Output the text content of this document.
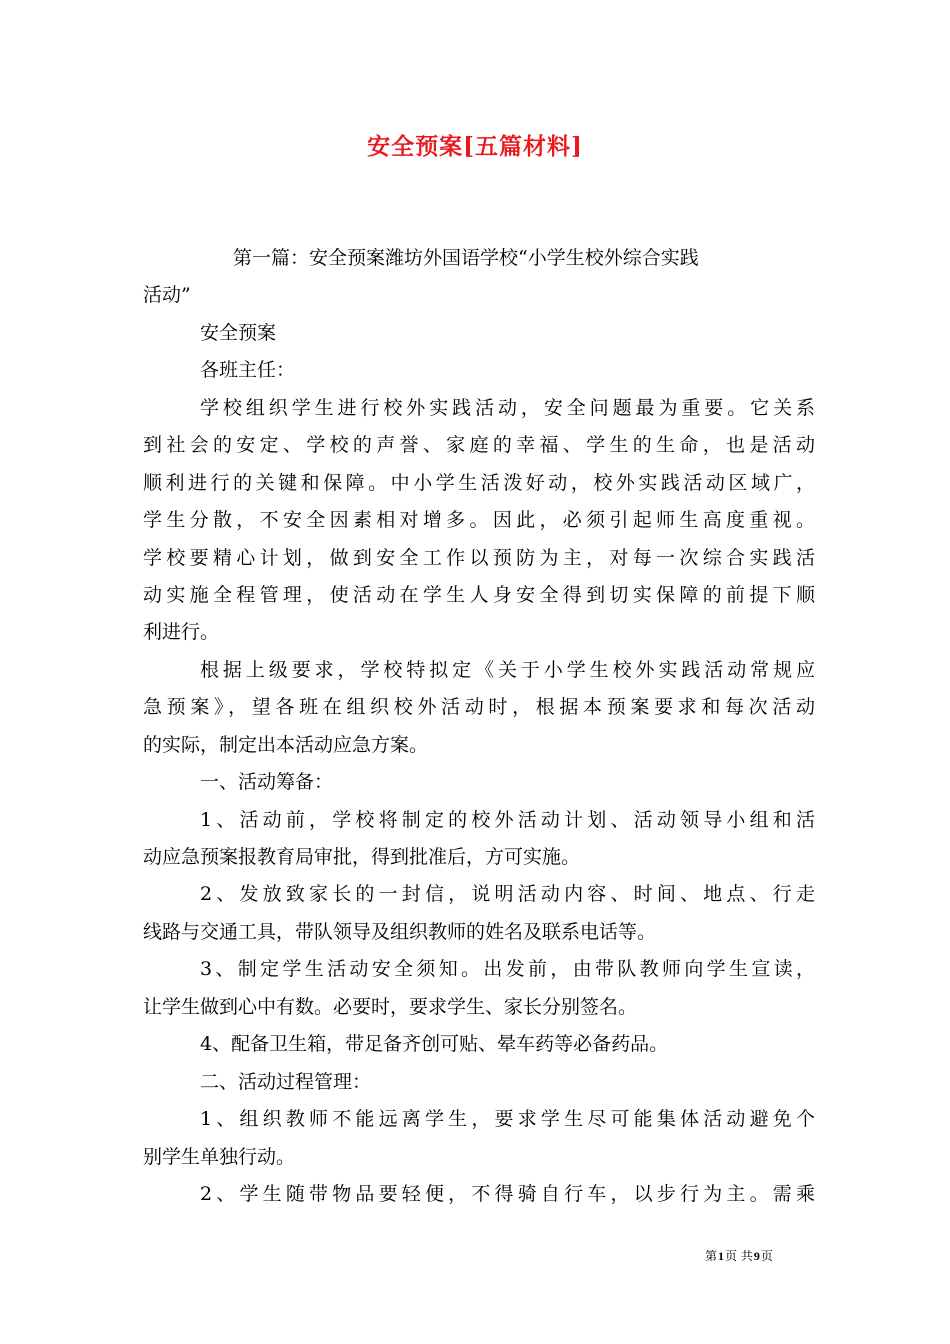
安全预案[五篇材料]
第一篇：安全预案潍坊外国语学校“小学生校外综合实践
活动”
安全预案
各班主任：
学校组织学生进行校外实践活动，安全问题最为重要。它关系
到社会的安定、学校的声誉、家庭的幸福、学生的生命，也是活动
顺利进行的关键和保障。中小学生活泼好动，校外实践活动区域广，
学生分散，不安全因素相对增多。因此，必须引起师生高度重视。
学校要精心计划，做到安全工作以预防为主，对每一次综合实践活
动实施全程管理，使活动在学生人身安全得到切实保障的前提下顺
利进行。
根据上级要求，学校特拟定《关于小学生校外实践活动常规应
急预案》，望各班在组织校外活动时，根据本预案要求和每次活动
的实际，制定出本活动应急方案。
一、活动筹备：
1、活动前，学校将制定的校外活动计划、活动领导小组和活
动应急预案报教育局审批，得到批准后，方可实施。
2、发放致家长的一封信，说明活动内容、时间、地点、行走
线路与交通工具，带队领导及组织教师的姓名及联系电话等。
3、制定学生活动安全须知。出发前，由带队教师向学生宣读，
让学生做到心中有数。必要时，要求学生、家长分别签名。
4、配备卫生箱，带足备齐创可贴、晕车药等必备药品。
二、活动过程管理：
1、组织教师不能远离学生，要求学生尽可能集体活动避免个
别学生单独行动。
2、学生随带物品要轻便，不得骑自行车，以步行为主。需乘
第1页 共9页
